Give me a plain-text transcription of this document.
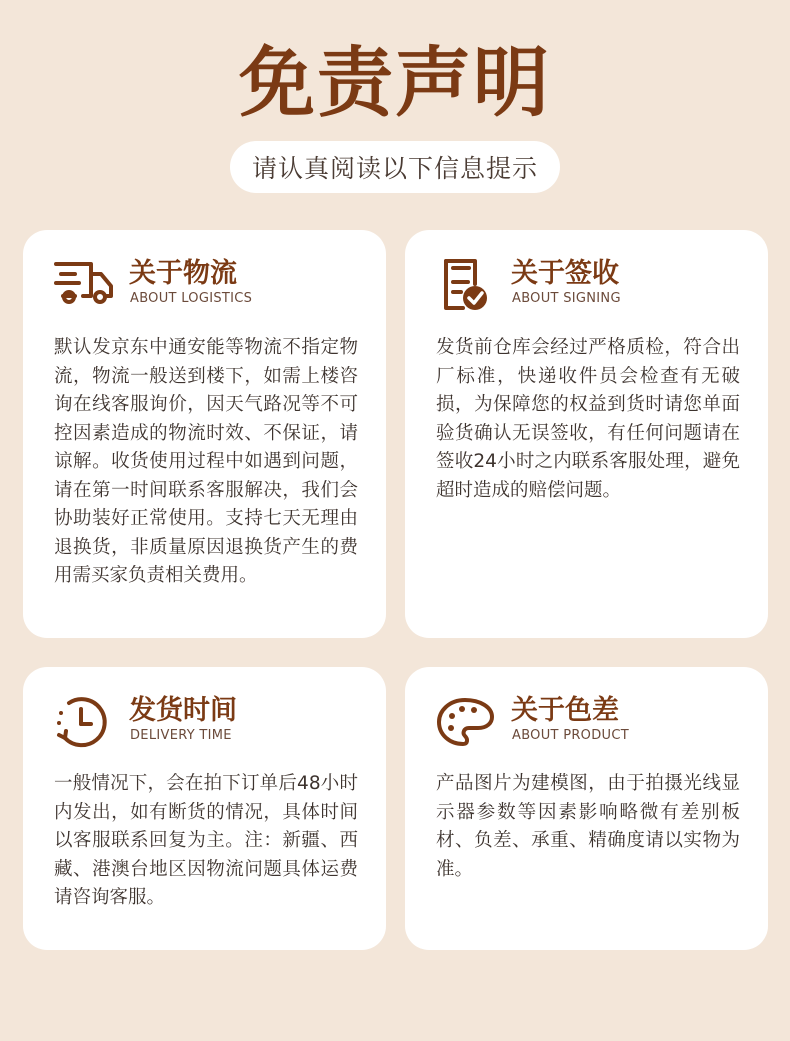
免责声明
请认真阅读以下信息提示
关于物流
ABOUT LOGISTICS
默认发京东中通安能等物流不指定物流，物流一般送到楼下，如需上楼咨询在线客服询价，因天气路况等不可控因素造成的物流时效、不保证，请谅解。收货使用过程中如遇到问题，请在第一时间联系客服解决，我们会协助装好正常使用。支持七天无理由退换货，非质量原因退换货产生的费用需买家负责相关费用。
关于签收
ABOUT SIGNING
发货前仓库会经过严格质检，符合出厂标准，快递收件员会检查有无破损，为保障您的权益到货时请您单面验货确认无误签收，有任何问题请在签收24小时之内联系客服处理，避免超时造成的赔偿问题。
发货时间
DELIVERY TIME
一般情况下，会在拍下订单后48小时内发出，如有断货的情况，具体时间以客服联系回复为主。注：新疆、西藏、港澳台地区因物流问题具体运费请咨询客服。
关于色差
ABOUT PRODUCT
产品图片为建模图，由于拍摄光线显示器参数等因素影响略微有差别板材、负差、承重、精确度请以实物为准。
